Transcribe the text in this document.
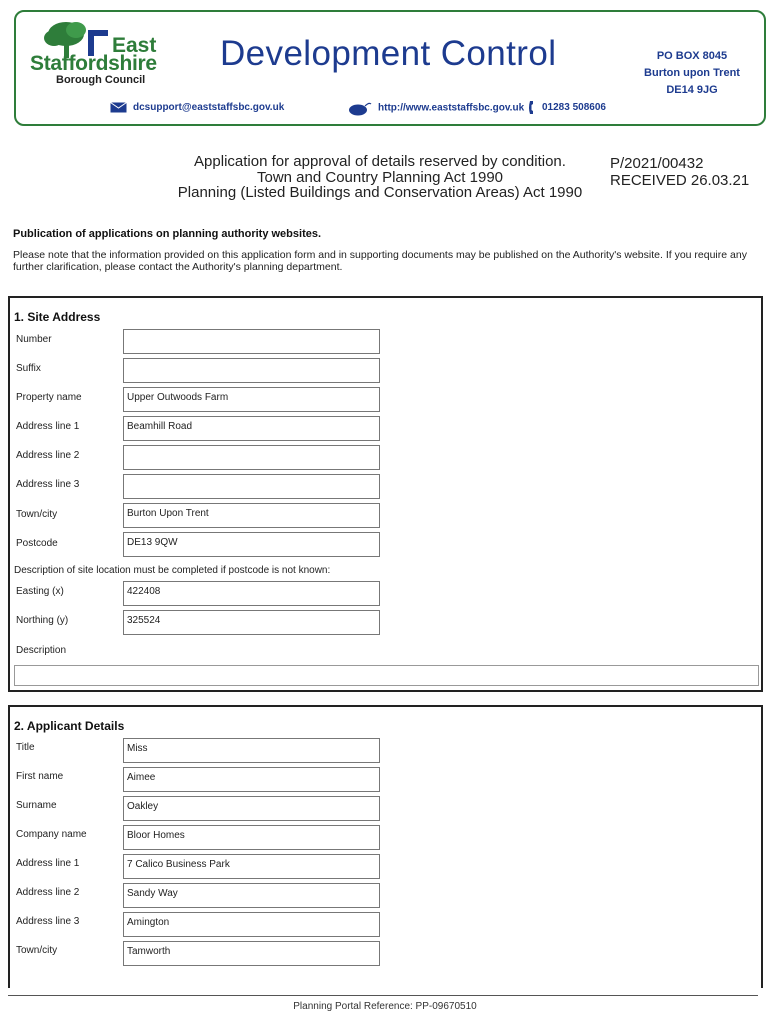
East
Staffordshire
Borough Council
Development Control	PO BOX 8045
Burton upon Trent
DE14 9JG
dcsupport@eaststaffsbc.gov.uk	http://www.eaststaffsbc.gov.uk	01283 508606
Application for approval of details reserved by condition.
Town and Country Planning Act 1990
Planning (Listed Buildings and Conservation Areas) Act 1990
P/2021/00432
RECEIVED 26.03.21
Publication of applications on planning authority websites.
Please note that the information provided on this application form and in supporting documents may be published on the Authority's website. If you require any further clarification, please contact the Authority's planning department.
1. Site Address
Number
Suffix
Property name	Upper Outwoods Farm
Address line 1	Beamhill Road
Address line 2
Address line 3
Town/city	Burton Upon Trent
Postcode	DE13 9QW
Description of site location must be completed if postcode is not known:
Easting (x)	422408
Northing (y)	325524
Description
2. Applicant Details
Title	Miss
First name	Aimee
Surname	Oakley
Company name	Bloor Homes
Address line 1	7 Calico Business Park
Address line 2	Sandy Way
Address line 3	Amington
Town/city	Tamworth
Planning Portal Reference: PP-09670510
